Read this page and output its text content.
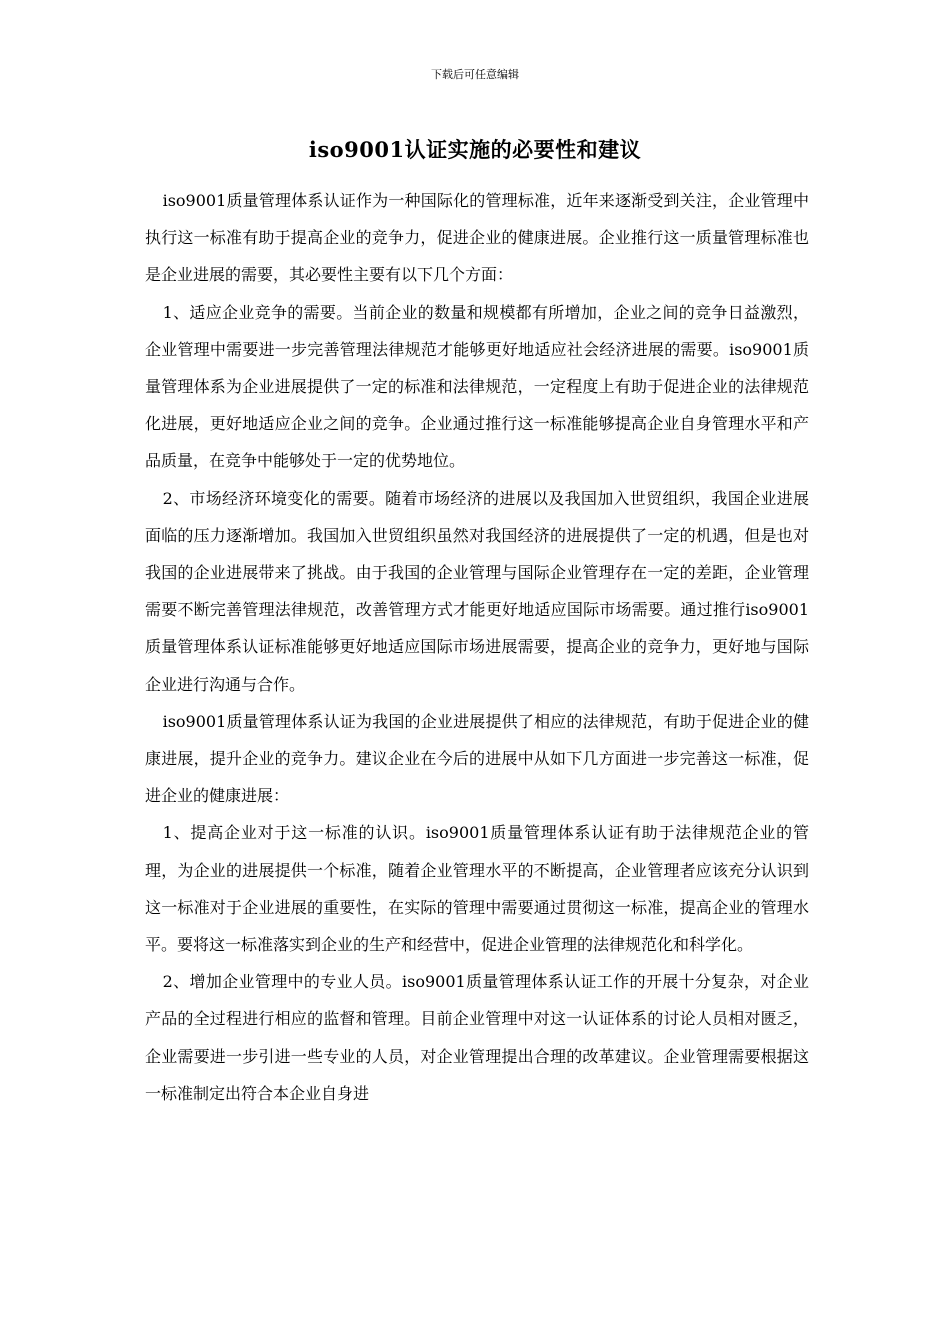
下载后可任意编辑
iso9001认证实施的必要性和建议

iso9001质量管理体系认证作为一种国际化的管理标准，近年来逐渐受到关注，企业管理中执行这一标准有助于提高企业的竞争力，促进企业的健康进展。企业推行这一质量管理标准也是企业进展的需要，其必要性主要有以下几个方面：

1、适应企业竞争的需要。当前企业的数量和规模都有所增加，企业之间的竞争日益激烈，企业管理中需要进一步完善管理法律规范才能够更好地适应社会经济进展的需要。iso9001质量管理体系为企业进展提供了一定的标准和法律规范，一定程度上有助于促进企业的法律规范化进展，更好地适应企业之间的竞争。企业通过推行这一标准能够提高企业自身管理水平和产品质量，在竞争中能够处于一定的优势地位。

2、市场经济环境变化的需要。随着市场经济的进展以及我国加入世贸组织，我国企业进展面临的压力逐渐增加。我国加入世贸组织虽然对我国经济的进展提供了一定的机遇，但是也对我国的企业进展带来了挑战。由于我国的企业管理与国际企业管理存在一定的差距，企业管理需要不断完善管理法律规范，改善管理方式才能更好地适应国际市场需要。通过推行iso9001质量管理体系认证标准能够更好地适应国际市场进展需要，提高企业的竞争力，更好地与国际企业进行沟通与合作。

iso9001质量管理体系认证为我国的企业进展提供了相应的法律规范，有助于促进企业的健康进展，提升企业的竞争力。建议企业在今后的进展中从如下几方面进一步完善这一标准，促进企业的健康进展：

1、提高企业对于这一标准的认识。iso9001质量管理体系认证有助于法律规范企业的管理，为企业的进展提供一个标准，随着企业管理水平的不断提高，企业管理者应该充分认识到这一标准对于企业进展的重要性，在实际的管理中需要通过贯彻这一标准，提高企业的管理水平。要将这一标准落实到企业的生产和经营中，促进企业管理的法律规范化和科学化。

2、增加企业管理中的专业人员。iso9001质量管理体系认证工作的开展十分复杂，对企业产品的全过程进行相应的监督和管理。目前企业管理中对这一认证体系的讨论人员相对匮乏，企业需要进一步引进一些专业的人员，对企业管理提出合理的改革建议。企业管理需要根据这一标准制定出符合本企业自身进
